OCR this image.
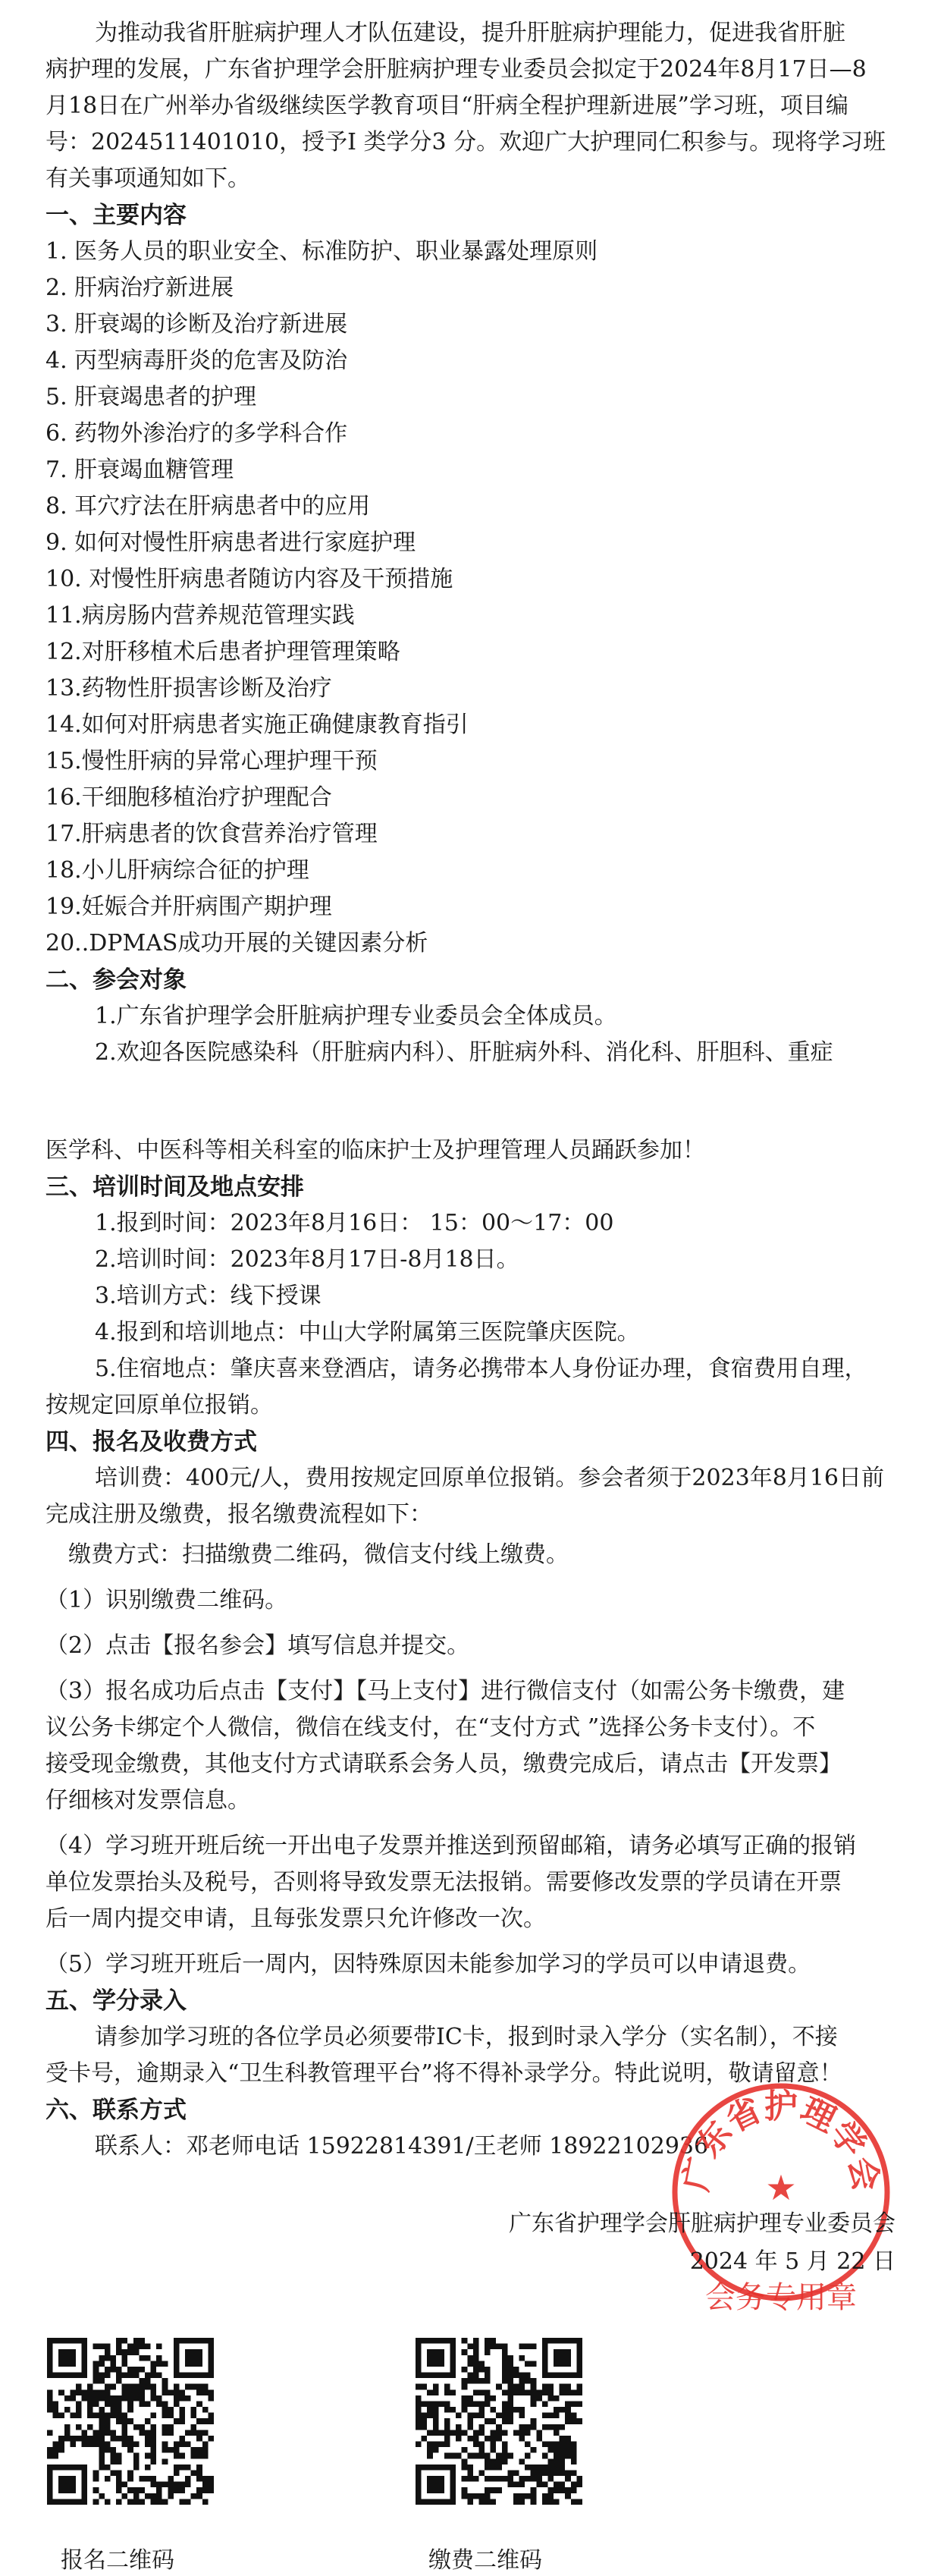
为推动我省肝脏病护理人才队伍建设，提升肝脏病护理能力，促进我省肝脏

病护理的发展，广东省护理学会肝脏病护理专业委员会拟定于2024年8月17日—8

月18日在广州举办省级继续医学教育项目“肝病全程护理新进展”学习班，项目编

号：2024511401010，授予I 类学分3 分。欢迎广大护理同仁积参与。现将学习班

有关事项通知如下。

一、主要内容

1. 医务人员的职业安全、标准防护、职业暴露处理原则

2. 肝病治疗新进展

3. 肝衰竭的诊断及治疗新进展

4. 丙型病毒肝炎的危害及防治

5. 肝衰竭患者的护理

6. 药物外渗治疗的多学科合作

7. 肝衰竭血糖管理

8. 耳穴疗法在肝病患者中的应用

9. 如何对慢性肝病患者进行家庭护理

10. 对慢性肝病患者随访内容及干预措施

11.病房肠内营养规范管理实践

12.对肝移植术后患者护理管理策略

13.药物性肝损害诊断及治疗

14.如何对肝病患者实施正确健康教育指引

15.慢性肝病的异常心理护理干预

16.干细胞移植治疗护理配合

17.肝病患者的饮食营养治疗管理

18.小儿肝病综合征的护理

19.妊娠合并肝病围产期护理

20..DPMAS成功开展的关键因素分析

二、参会对象

1.广东省护理学会肝脏病护理专业委员会全体成员。

2.欢迎各医院感染科（肝脏病内科）、肝脏病外科、消化科、肝胆科、重症

医学科、中医科等相关科室的临床护士及护理管理人员踊跃参加！

三、培训时间及地点安排

1.报到时间：2023年8月16日： 15：00～17：00

2.培训时间：2023年8月17日-8月18日。

3.培训方式：线下授课

4.报到和培训地点：中山大学附属第三医院肇庆医院。

5.住宿地点：肇庆喜来登酒店，请务必携带本人身份证办理，食宿费用自理，

按规定回原单位报销。

四、报名及收费方式

培训费：400元/人，费用按规定回原单位报销。参会者须于2023年8月16日前

完成注册及缴费，报名缴费流程如下：

缴费方式：扫描缴费二维码，微信支付线上缴费。

（1）识别缴费二维码。

（2）点击【报名参会】填写信息并提交。

（3）报名成功后点击【支付】【马上支付】进行微信支付（如需公务卡缴费，建

议公务卡绑定个人微信，微信在线支付，在“支付方式 ”选择公务卡支付）。不

接受现金缴费，其他支付方式请联系会务人员，缴费完成后，请点击【开发票】

仔细核对发票信息。

（4）学习班开班后统一开出电子发票并推送到预留邮箱，请务必填写正确的报销

单位发票抬头及税号，否则将导致发票无法报销。需要修改发票的学员请在开票

后一周内提交申请，且每张发票只允许修改一次。

（5）学习班开班后一周内，因特殊原因未能参加学习的学员可以申请退费。

五、学分录入

请参加学习班的各位学员必须要带IC卡，报到时录入学分（实名制），不接

受卡号，逾期录入“卫生科教管理平台”将不得补录学分。特此说明，敬请留意！

六、联系方式

联系人：邓老师电话 15922814391/王老师 18922102936

广东省护理学会
★

广东省护理学会肝脏病护理专业委员会

2024 年 5 月 22 日

会务专用章

报名二维码	缴费二维码
